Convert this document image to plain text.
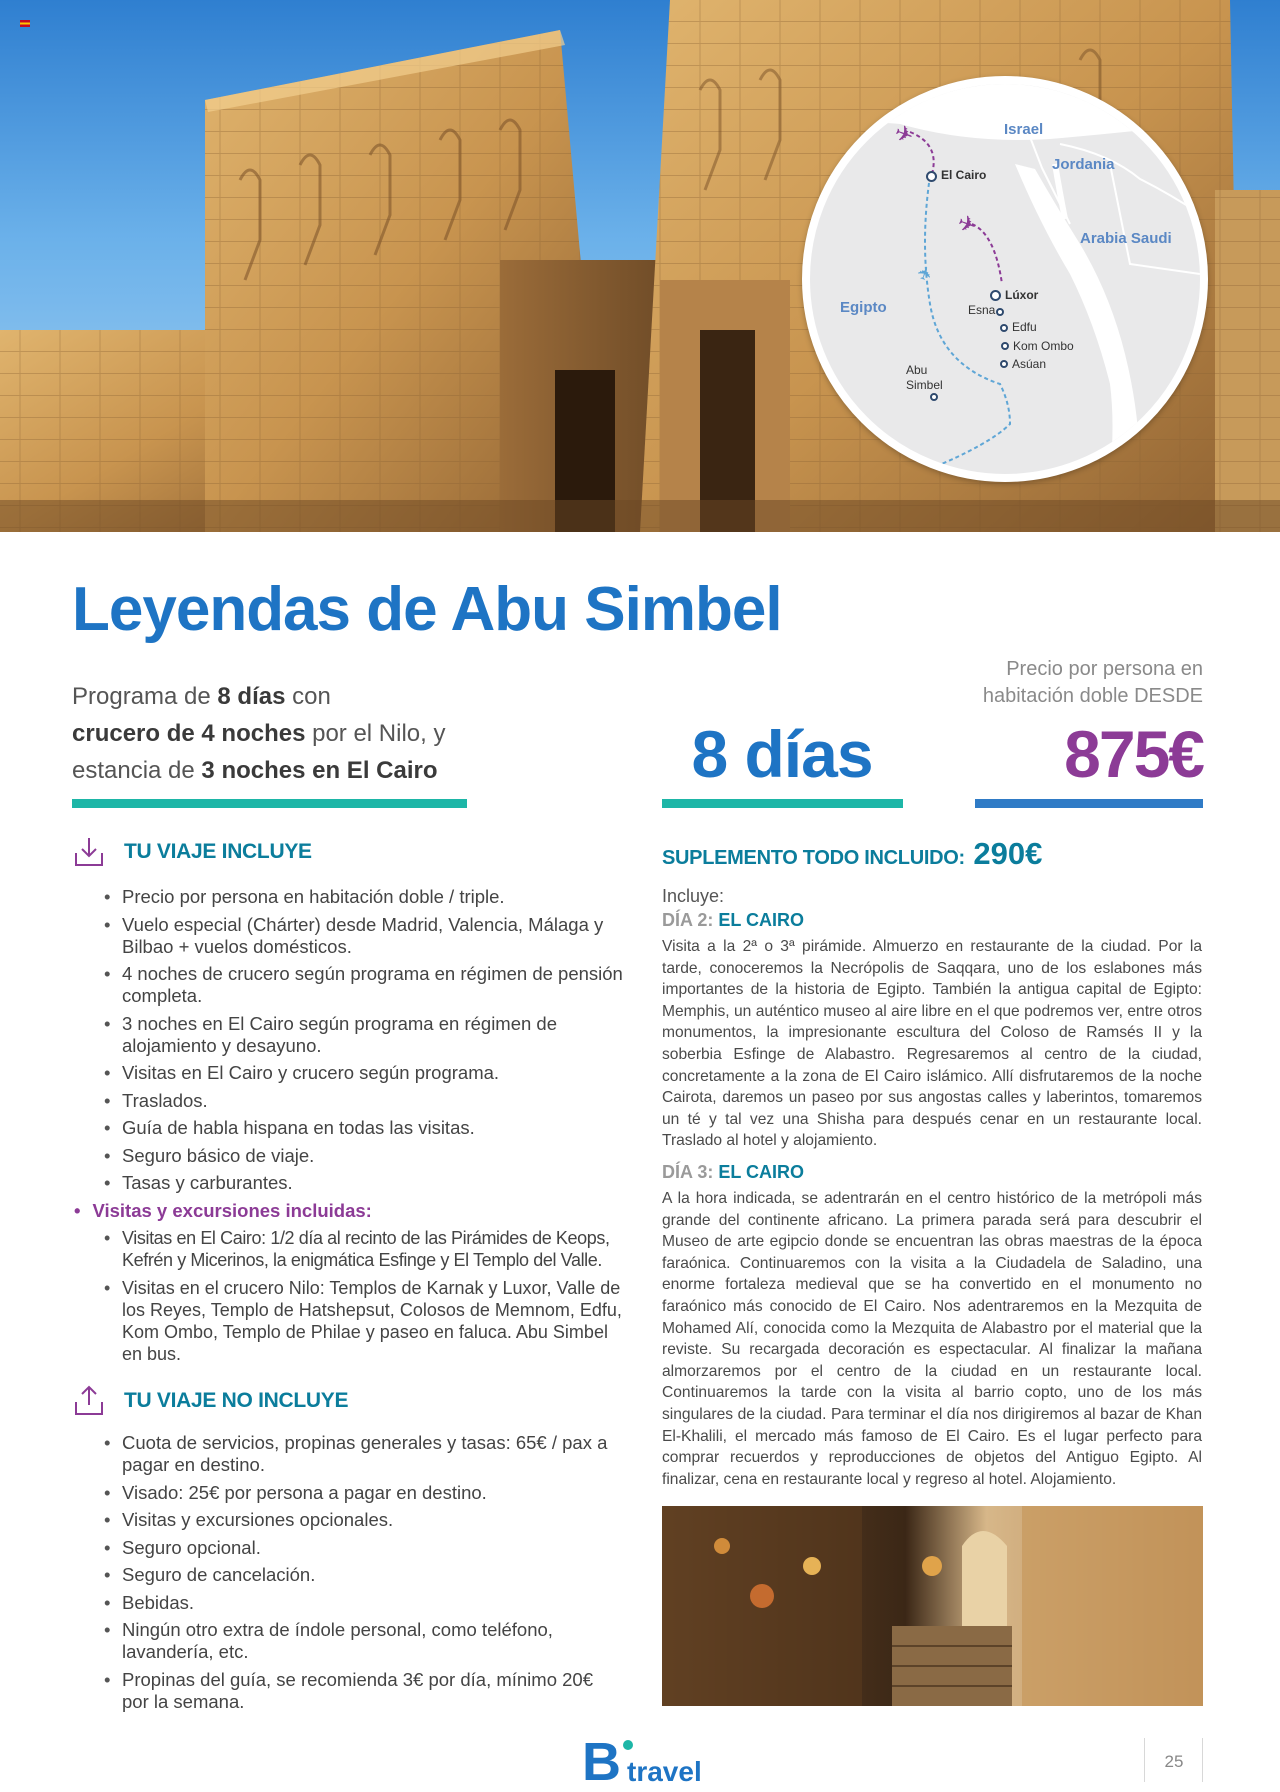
✈
✈
✈
Israel
Jordania
Arabia Saudi
Egipto
El Cairo
Lúxor
Esna
Edfu
Kom Ombo
Asúan
Abu Simbel
Leyendas de Abu Simbel
Programa de 8 días con
crucero de 4 noches por el Nilo, y
estancia de 3 noches en El Cairo
Precio por persona en
habitación doble DESDE
8 días	875€
TU VIAJE INCLUYE
• Precio por persona en habitación doble / triple.
• Vuelo especial (Chárter) desde Madrid, Valencia, Málaga y Bilbao + vuelos domésticos.
• 4 noches de crucero según programa en régimen de pensión completa.
• 3 noches en El Cairo según programa en régimen de alojamiento y desayuno.
• Visitas en El Cairo y crucero según programa.
• Traslados.
• Guía de habla hispana en todas las visitas.
• Seguro básico de viaje.
• Tasas y carburantes.
• Visitas y excursiones incluidas:
• Visitas en El Cairo: 1/2 día al recinto de las Pirámides de Keops, Kefrén y Micerinos, la enigmática Esfinge y El Templo del Valle.
• Visitas en el crucero Nilo: Templos de Karnak y Luxor, Valle de los Reyes, Templo de Hatshepsut, Colosos de Memnom, Edfu, Kom Ombo, Templo de Philae y paseo en faluca. Abu Simbel en bus.
TU VIAJE NO INCLUYE
• Cuota de servicios, propinas generales y tasas: 65€ / pax a pagar en destino.
• Visado: 25€ por persona a pagar en destino.
• Visitas y excursiones opcionales.
• Seguro opcional.
• Seguro de cancelación.
• Bebidas.
• Ningún otro extra de índole personal, como teléfono, lavandería, etc.
• Propinas del guía, se recomienda 3€ por día, mínimo 20€ por la semana.
SUPLEMENTO TODO INCLUIDO: 290€
Incluye:
DÍA 2: EL CAIRO

Visita a la 2ª o 3ª pirámide. Almuerzo en restaurante de la ciudad. Por la tarde, conoceremos la Necrópolis de Saqqara, uno de los eslabones más importantes de la historia de Egipto. También la antigua capital de Egipto: Memphis, un auténtico museo al aire libre en el que podremos ver, entre otros monumentos, la impresionante escultura del Coloso de Ramsés II y la soberbia Esfinge de Alabastro. Regresaremos al centro de la ciudad, concretamente a la zona de El Cairo islámico. Allí disfrutaremos de la noche Cairota, daremos un paseo por sus angostas calles y laberintos, tomaremos un té y tal vez una Shisha para después cenar en un restaurante local. Traslado al hotel y alojamiento.

DÍA 3: EL CAIRO

A la hora indicada, se adentrarán en el centro histórico de la metrópoli más grande del continente africano. La primera parada será para descubrir el Museo de arte egipcio donde se encuentran las obras maestras de la época faraónica. Continuaremos con la visita a la Ciudadela de Saladino, una enorme fortaleza medieval que se ha convertido en el monumento no faraónico más conocido de El Cairo. Nos adentraremos en la Mezquita de Mohamed Alí, conocida como la Mezquita de Alabastro por el material que la reviste. Su recargada decoración es espectacular. Al finalizar la mañana almorzaremos por el centro de la ciudad en un restaurante local. Continuaremos la tarde con la visita al barrio copto, uno de los más singulares de la ciudad. Para terminar el día nos dirigiremos al bazar de Khan El-Khalili, el mercado más famoso de El Cairo. Es el lugar perfecto para comprar recuerdos y reproducciones de objetos del Antiguo Egipto. Al finalizar, cena en restaurante local y regreso al hotel. Alojamiento.

B travel	25
